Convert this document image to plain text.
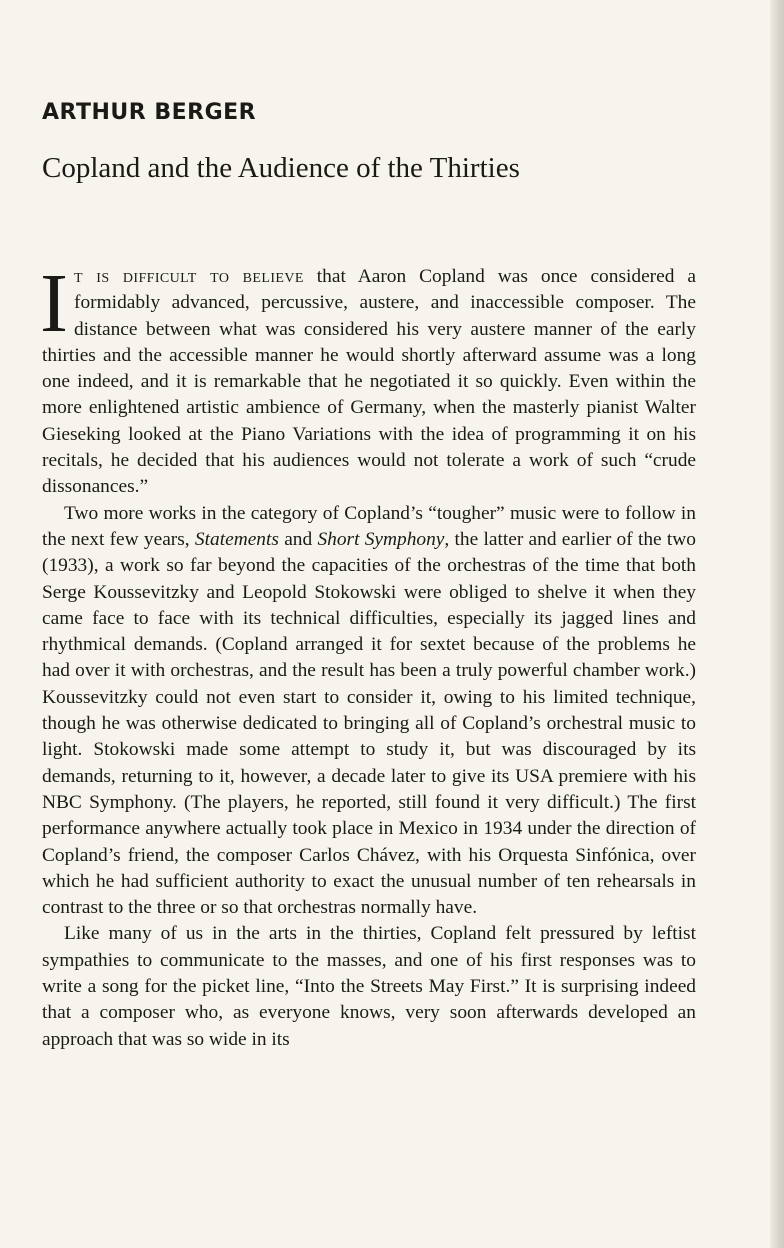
ARTHUR BERGER
Copland and the Audience of the Thirties

It is difficult to believe that Aaron Copland was once considered a formidably advanced, percussive, austere, and inaccessible composer. The distance between what was considered his very austere manner of the early thirties and the accessible manner he would shortly afterward assume was a long one indeed, and it is remarkable that he negotiated it so quickly. Even within the more enlightened artistic ambience of Germany, when the masterly pianist Walter Gieseking looked at the Piano Variations with the idea of programming it on his recitals, he decided that his audiences would not tolerate a work of such “crude dissonances.”

Two more works in the category of Copland’s “tougher” music were to follow in the next few years, Statements and Short Symphony, the latter and earlier of the two (1933), a work so far beyond the capacities of the orchestras of the time that both Serge Koussevitzky and Leopold Stokowski were obliged to shelve it when they came face to face with its technical difficulties, especially its jagged lines and rhythmical demands. (Copland arranged it for sextet because of the problems he had over it with orchestras, and the result has been a truly powerful chamber work.) Koussevitzky could not even start to consider it, owing to his limited technique, though he was otherwise dedicated to bringing all of Copland’s orchestral music to light. Stokowski made some attempt to study it, but was discouraged by its demands, returning to it, however, a decade later to give its USA premiere with his NBC Symphony. (The players, he reported, still found it very difficult.) The first performance anywhere actually took place in Mexico in 1934 under the direction of Copland’s friend, the composer Carlos Chávez, with his Orquesta Sinfónica, over which he had sufficient authority to exact the unusual number of ten rehearsals in contrast to the three or so that orchestras normally have.

Like many of us in the arts in the thirties, Copland felt pressured by leftist sympathies to communicate to the masses, and one of his first responses was to write a song for the picket line, “Into the Streets May First.” It is surprising indeed that a composer who, as everyone knows, very soon afterwards developed an approach that was so wide in its
